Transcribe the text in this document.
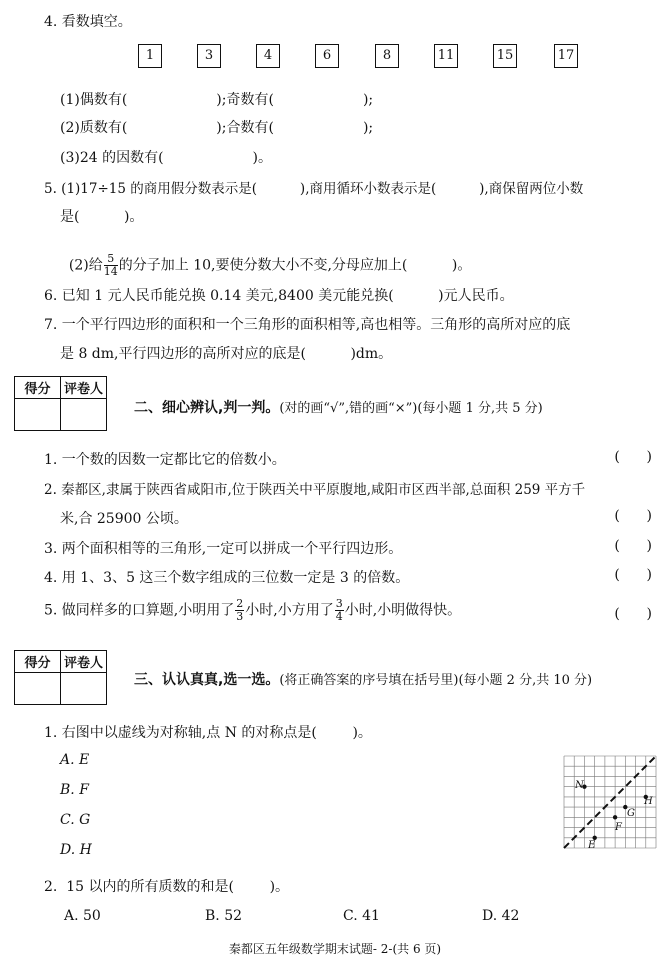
4. 看数填空。
1	3	4	6	8	11	15	17
(1)偶数有(                    );奇数有(                    );
(2)质数有(                    );合数有(                    );
(3)24 的因数有(                    )。
5. (1)17÷15 的商用假分数表示是(          ),商用循环小数表示是(          ),商保留两位小数
是(          )。

(2)给 $\frac{5}{14}$ 的分子加上 10,要使分数大小不变,分母应加上(          )。

6. 已知 1 元人民币能兑换 0.14 美元,8400 美元能兑换(          )元人民币。
7. 一个平行四边形的面积和一个三角形的面积相等,高也相等。三角形的高所对应的底
是 8 dm,平行四边形的高所对应的底是(          )dm。
得分	评卷人

二、细心辨认,判一判。(对的画“√”,错的画“×”)(每小题 1 分,共 5 分)
1. 一个数的因数一定都比它的倍数小。	(      )
2. 秦都区,隶属于陕西省咸阳市,位于陕西关中平原腹地,咸阳市区西半部,总面积 259 平方千
米,合 25900 公顷。	(      )
3. 两个面积相等的三角形,一定可以拼成一个平行四边形。	(      )
4. 用 1、3、5 这三个数字组成的三位数一定是 3 的倍数。	(      )
5. 做同样多的口算题,小明用了 $\frac{2}{3}$ 小时,小方用了 $\frac{3}{4}$ 小时,小明做得快。	(      )
得分	评卷人

三、认认真真,选一选。(将正确答案的序号填在括号里)(每小题 2 分,共 10 分)
1. 右图中以虚线为对称轴,点 N 的对称点是(        )。
A. E
B. F
C. G
D. H
N
H
G
F
E
2.  15 以内的所有质数的和是(        )。
A. 50	B. 52	C. 41	D. 42
秦都区五年级数学期末试题- 2-(共 6 页)
